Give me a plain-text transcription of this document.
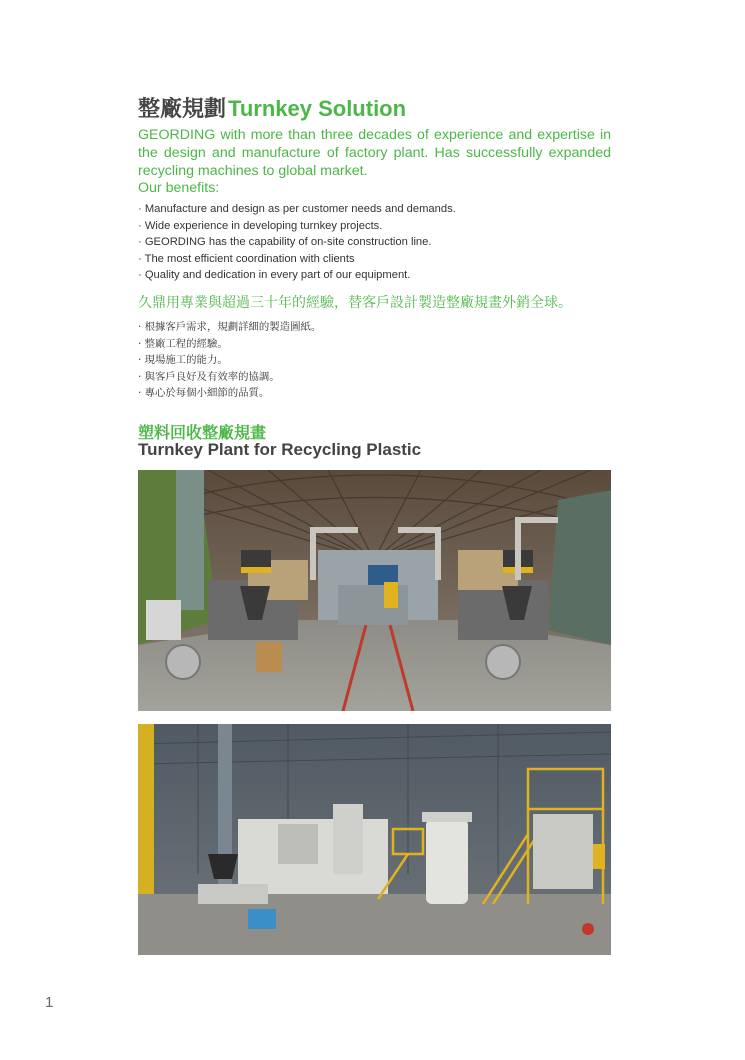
整廠規劃Turnkey Solution
GEORDING with more than three decades of experience and expertise in the design and manufacture of factory plant. Has successfully expanded recycling machines to global market.
Our benefits:
· Manufacture and design as per customer needs and demands.
· Wide experience in developing turnkey projects.
· GEORDING has the capability of on-site construction line.
· The most efficient coordination with clients
· Quality and dedication in every part of our equipment.
久鼎用專業與超過三十年的經驗，替客戶設計製造整廠規畫外銷全球。
· 根據客戶需求，規劃詳細的製造圖紙。
· 整廠工程的經驗。
· 現場施工的能力。
· 與客戶良好及有效率的協調。
· 專心於每個小細節的品質。
塑料回收整廠規畫
Turnkey Plant for Recycling Plastic
1
